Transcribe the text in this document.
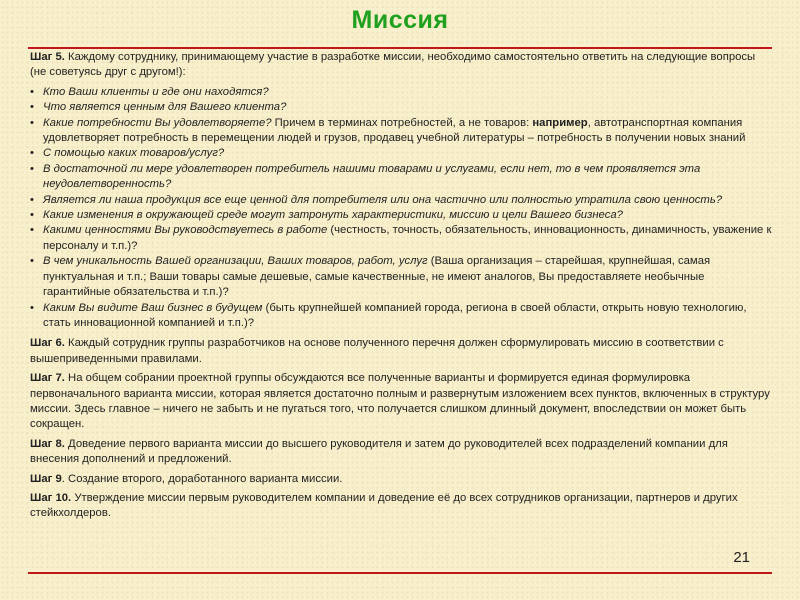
Миссия

Шаг 5. Каждому сотруднику, принимающему участие в разработке миссии, необходимо самостоятельно ответить на следующие вопросы (не советуясь друг с другом!):

• Кто Ваши клиенты и где они находятся?
• Что является ценным для Вашего клиента?
• Какие потребности Вы удовлетворяете? Причем в терминах потребностей, а не товаров: например, автотранспортная компания удовлетворяет потребность в перемещении людей и грузов, продавец учебной литературы – потребность в получении новых знаний
• С помощью каких товаров/услуг?
• В достаточной ли мере удовлетворен потребитель нашими товарами и услугами, если нет, то в чем проявляется эта неудовлетворенность?
• Является ли наша продукция все еще ценной для потребителя или она частично или полностью утратила свою ценность?
• Какие изменения в окружающей среде могут затронуть характеристики, миссию и цели Вашего бизнеса?
• Какими ценностями Вы руководствуетесь в работе (честность, точность, обязательность, инновационность, динамичность, уважение к персоналу и т.п.)?
• В чем уникальность Вашей организации, Ваших товаров, работ, услуг (Ваша организация – старейшая, крупнейшая, самая пунктуальная и т.п.; Ваши товары самые дешевые, самые качественные, не имеют аналогов, Вы предоставляете необычные гарантийные обязательства и т.п.)?
• Каким Вы видите Ваш бизнес в будущем (быть крупнейшей компанией города, региона в своей области, открыть новую технологию, стать инновационной компанией и т.п.)?

Шаг 6. Каждый сотрудник группы разработчиков на основе полученного перечня должен сформулировать миссию в соответствии с вышеприведенными правилами.

Шаг 7. На общем собрании проектной группы обсуждаются все полученные варианты и формируется единая формулировка первоначального варианта миссии, которая является достаточно полным и развернутым изложением всех пунктов, включенных в структуру миссии. Здесь главное – ничего не забыть и не пугаться того, что получается слишком длинный документ, впоследствии он может быть сокращен.

Шаг 8. Доведение первого варианта миссии до высшего руководителя и затем до руководителей всех подразделений компании для внесения дополнений и предложений.

Шаг 9. Создание второго, доработанного варианта миссии.

Шаг 10. Утверждение миссии первым руководителем компании и доведение её до всех сотрудников организации, партнеров и других стейкхолдеров.

21
